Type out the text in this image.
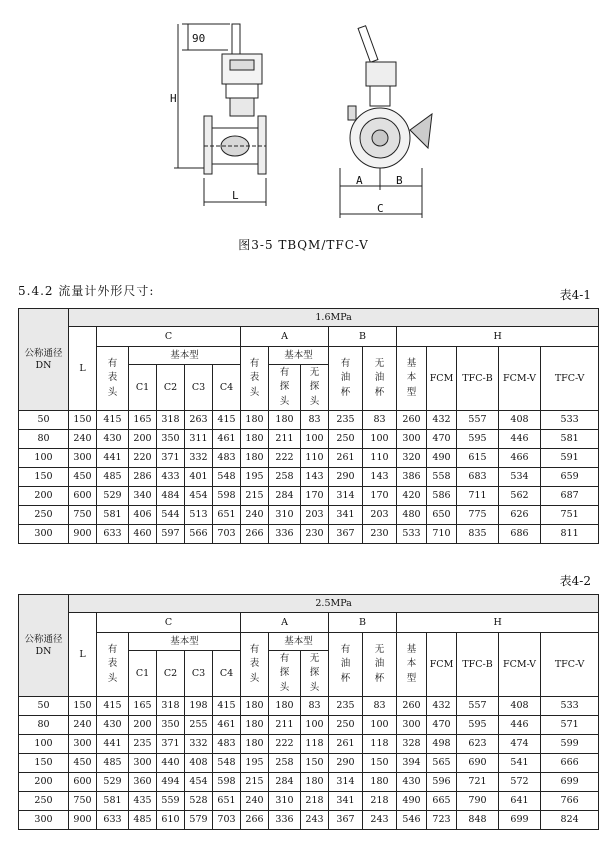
90
H
L
A	B
C
图3-5 TBQM/TFC-V
5.4.2 流量计外形尺寸:	表4-1
公称通径DN	1.6MPa															
	L	C					A			B		H				
		有表头	基本型				有表头	基本型		有油杯	无油杯	基本型	FCM	TFC-B	FCM-V	TFC-V
			C1	C2	C3	C4		有探头	无探头							
50	150	415	165	318	263	415	180	180	83	235	83	260	432	557	408	533
80	240	430	200	350	311	461	180	211	100	250	100	300	470	595	446	581
100	300	441	220	371	332	483	180	222	110	261	110	320	490	615	466	591
150	450	485	286	433	401	548	195	258	143	290	143	386	558	683	534	659
200	600	529	340	484	454	598	215	284	170	314	170	420	586	711	562	687
250	750	581	406	544	513	651	240	310	203	341	203	480	650	775	626	751
300	900	633	460	597	566	703	266	336	230	367	230	533	710	835	686	811
表4-2
公称通径DN	2.5MPa															
	L	C					A			B		H				
		有表头	基本型				有表头	基本型		有油杯	无油杯	基本型	FCM	TFC-B	FCM-V	TFC-V
			C1	C2	C3	C4		有探头	无探头							
50	150	415	165	318	198	415	180	180	83	235	83	260	432	557	408	533
80	240	430	200	350	255	461	180	211	100	250	100	300	470	595	446	571
100	300	441	235	371	332	483	180	222	118	261	118	328	498	623	474	599
150	450	485	300	440	408	548	195	258	150	290	150	394	565	690	541	666
200	600	529	360	494	454	598	215	284	180	314	180	430	596	721	572	699
250	750	581	435	559	528	651	240	310	218	341	218	490	665	790	641	766
300	900	633	485	610	579	703	266	336	243	367	243	546	723	848	699	824
